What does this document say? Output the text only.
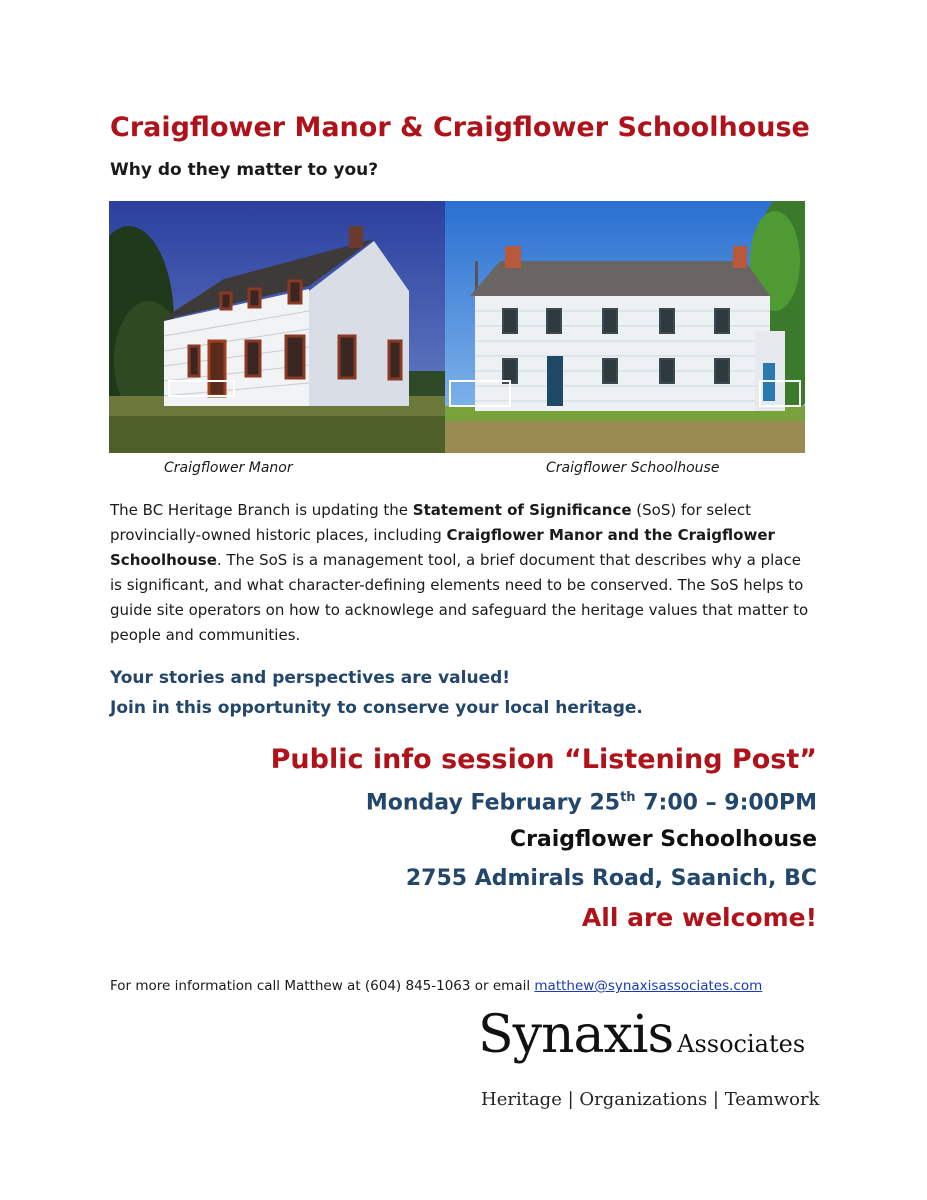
Craigflower Manor & Craigflower Schoolhouse
Why do they matter to you?
Craigflower Manor	Craigflower Schoolhouse
The BC Heritage Branch is updating the Statement of Significance (SoS) for select provincially-owned historic places, including Craigflower Manor and the Craigflower Schoolhouse. The SoS is a management tool, a brief document that describes why a place is significant, and what character-defining elements need to be conserved. The SoS helps to guide site operators on how to acknowlege and safeguard the heritage values that matter to people and communities.
Your stories and perspectives are valued!
Join in this opportunity to conserve your local heritage.
Public info session “Listening Post”
Monday February 25th 7:00 – 9:00PM
Craigflower Schoolhouse
2755 Admirals Road, Saanich, BC
All are welcome!
For more information call Matthew at (604) 845-1063 or email matthew@synaxisassociates.com
Synaxis Associates
Heritage | Organizations | Teamwork
